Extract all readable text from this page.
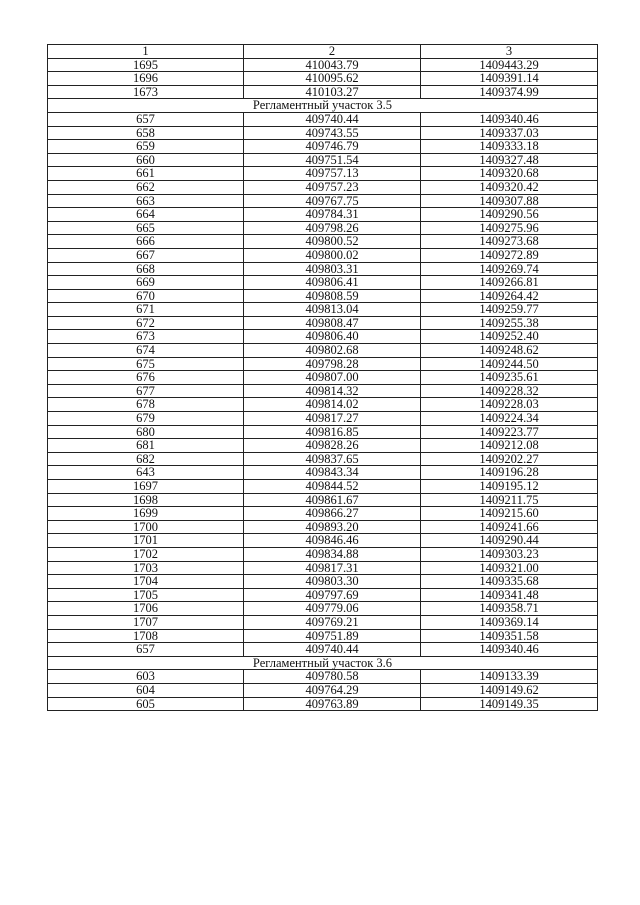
1	2	3
1695	410043.79	1409443.29
1696	410095.62	1409391.14
1673	410103.27	1409374.99
Регламентный участок 3.5		
657	409740.44	1409340.46
658	409743.55	1409337.03
659	409746.79	1409333.18
660	409751.54	1409327.48
661	409757.13	1409320.68
662	409757.23	1409320.42
663	409767.75	1409307.88
664	409784.31	1409290.56
665	409798.26	1409275.96
666	409800.52	1409273.68
667	409800.02	1409272.89
668	409803.31	1409269.74
669	409806.41	1409266.81
670	409808.59	1409264.42
671	409813.04	1409259.77
672	409808.47	1409255.38
673	409806.40	1409252.40
674	409802.68	1409248.62
675	409798.28	1409244.50
676	409807.00	1409235.61
677	409814.32	1409228.32
678	409814.02	1409228.03
679	409817.27	1409224.34
680	409816.85	1409223.77
681	409828.26	1409212.08
682	409837.65	1409202.27
643	409843.34	1409196.28
1697	409844.52	1409195.12
1698	409861.67	1409211.75
1699	409866.27	1409215.60
1700	409893.20	1409241.66
1701	409846.46	1409290.44
1702	409834.88	1409303.23
1703	409817.31	1409321.00
1704	409803.30	1409335.68
1705	409797.69	1409341.48
1706	409779.06	1409358.71
1707	409769.21	1409369.14
1708	409751.89	1409351.58
657	409740.44	1409340.46
Регламентный участок 3.6		
603	409780.58	1409133.39
604	409764.29	1409149.62
605	409763.89	1409149.35
